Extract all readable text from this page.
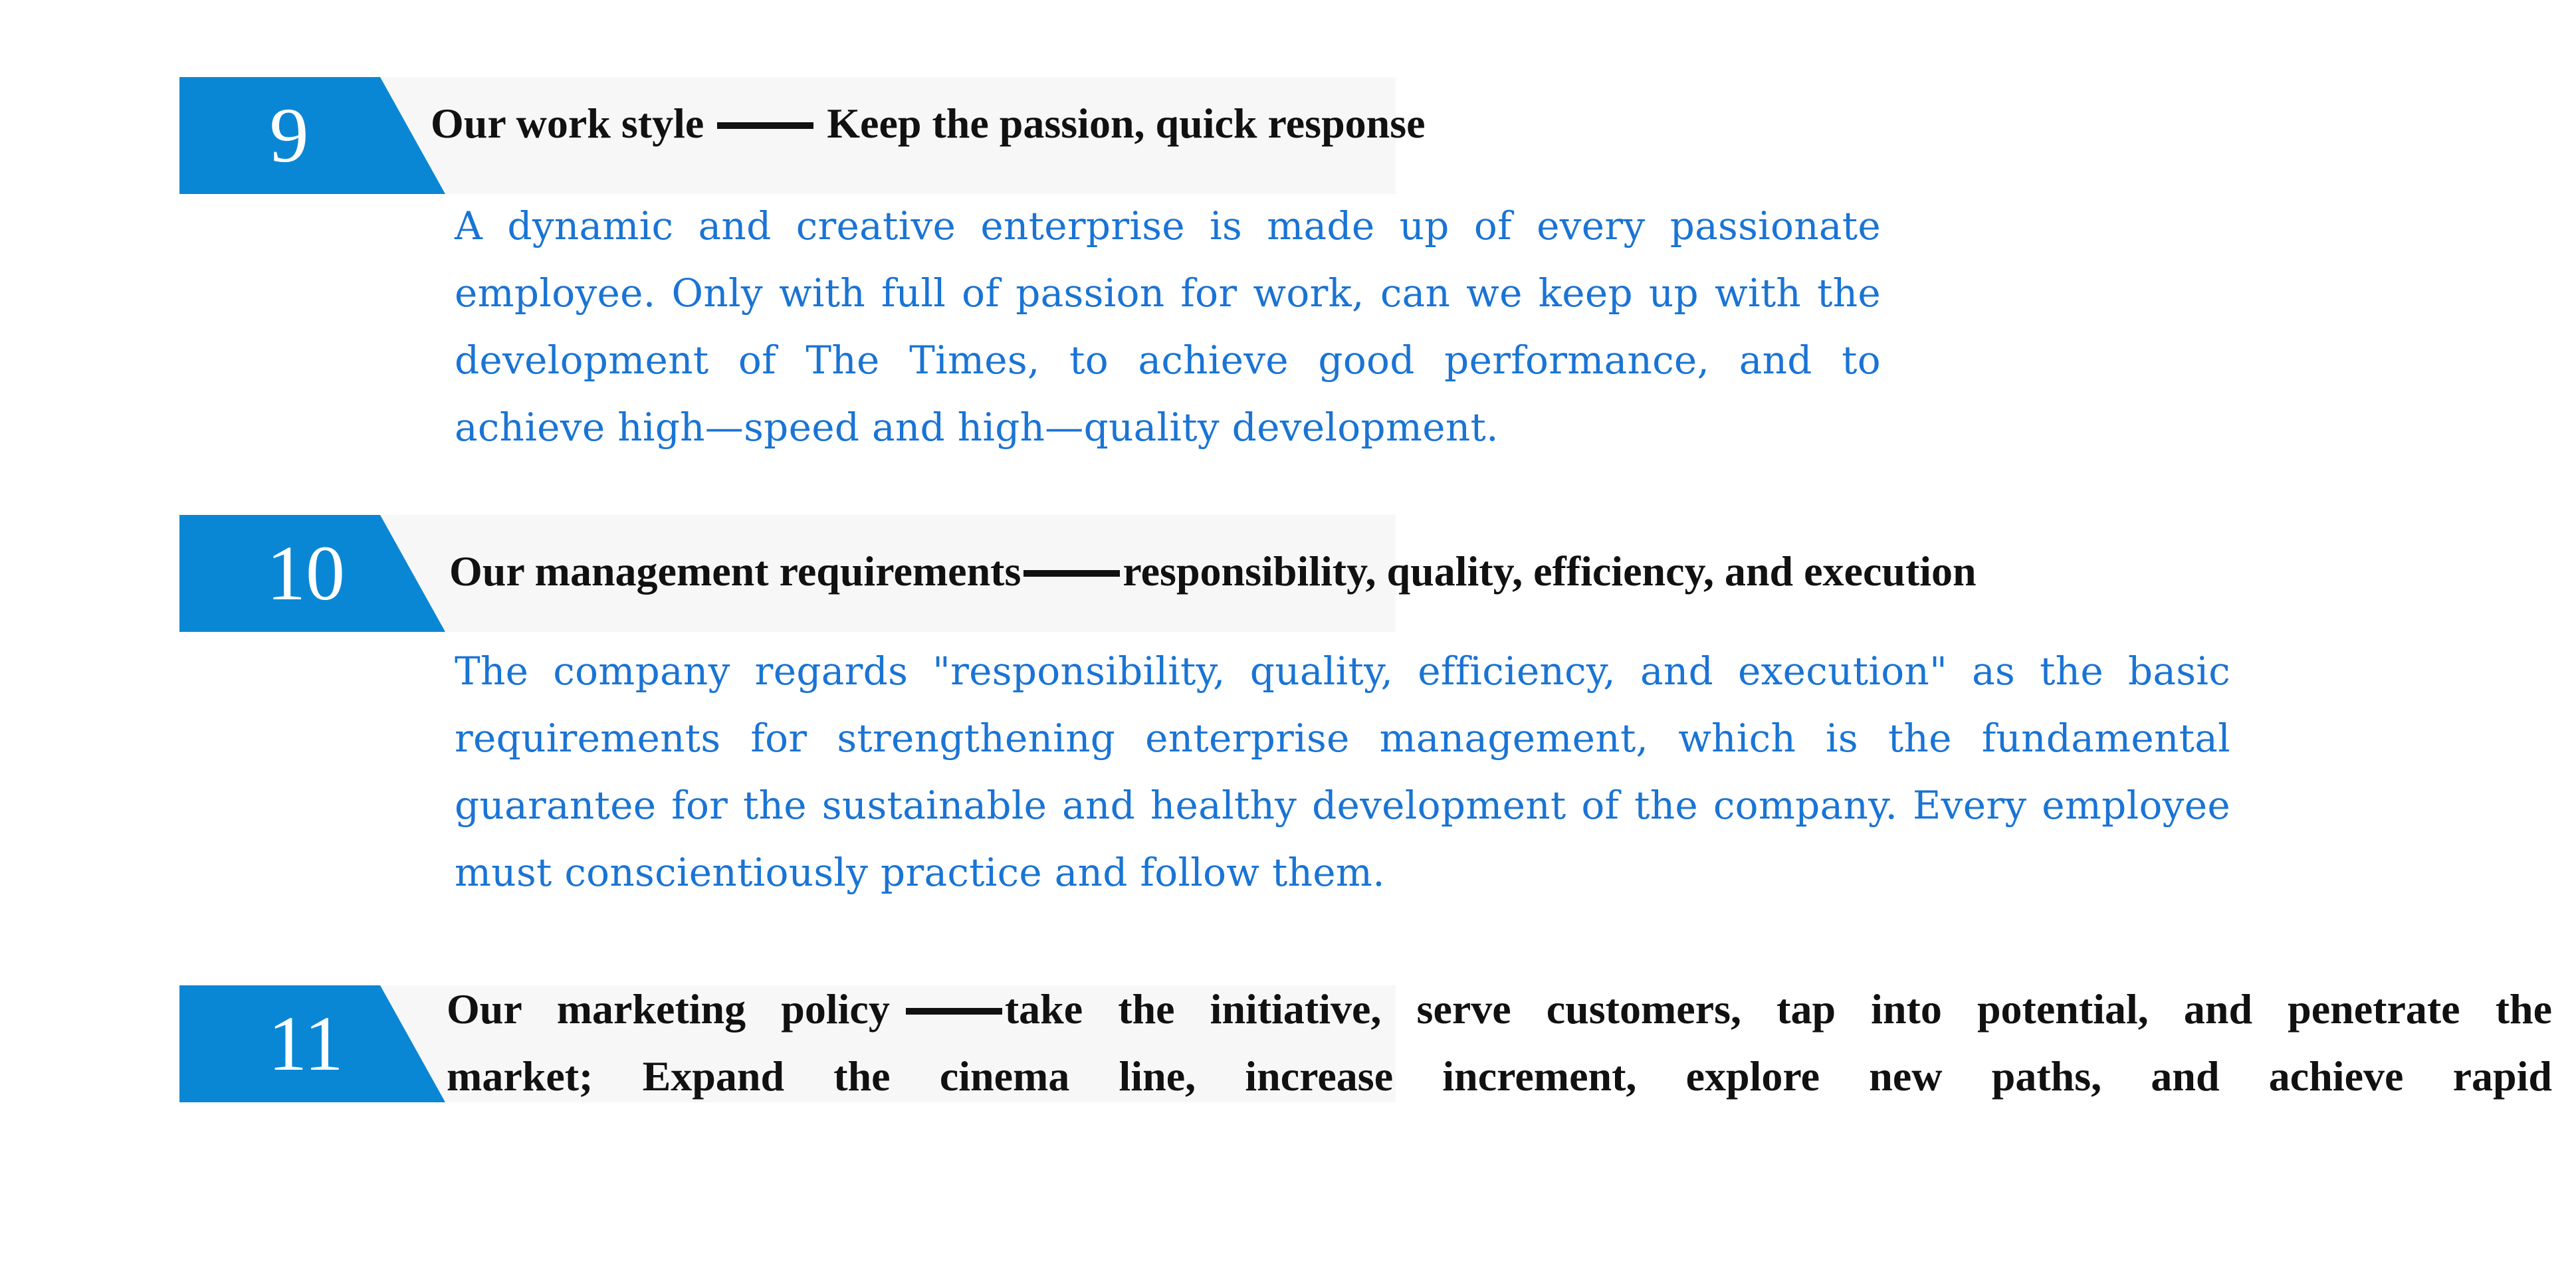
9	Our work style	Keep the passion, quick response
A dynamic and creative enterprise is made up of every passionate employee. Only with full of passion for work, can we keep up with the development of The Times, to achieve good performance, and to achieve high—speed and high—quality development.
10	Our management requirements responsibility, quality, efficiency, and execution
The company regards "responsibility, quality, efficiency, and execution" as the basic requirements for strengthening enterprise management, which is the fundamental guarantee for the sustainable and healthy development of the company. Every employee must conscientiously practice and follow them.
11	Our marketing policy	take the initiative, serve customers, tap into potential, and penetrate the
market; Expand the cinema line, increase increment, explore new paths, and achieve rapid
